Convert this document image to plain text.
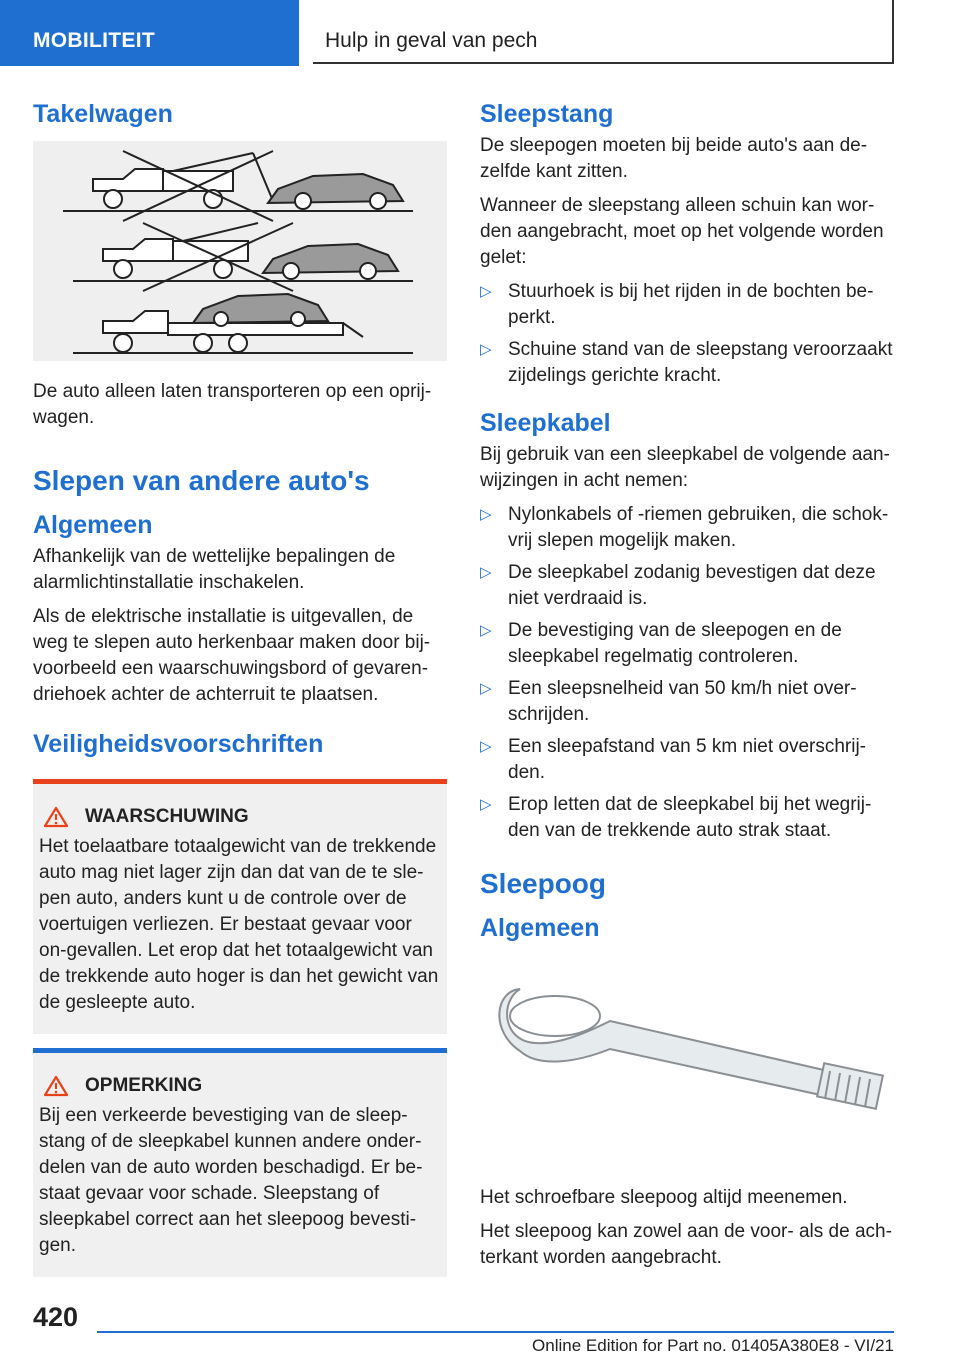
MOBILITEIT	Hulp in geval van pech
Takelwagen

De auto alleen laten transporteren op een oprij-wagen.

Slepen van andere auto's
Algemeen

Afhankelijk van de wettelijke bepalingen de alarmlichtinstallatie inschakelen.

Als de elektrische installatie is uitgevallen, de weg te slepen auto herkenbaar maken door bij-voorbeeld een waarschuwingsbord of gevaren-driehoek achter de achterruit te plaatsen.

Veiligheidsvoorschriften
WAARSCHUWING

Het toelaatbare totaalgewicht van de trekkende auto mag niet lager zijn dan dat van de te sle-pen auto, anders kunt u de controle over de voertuigen verliezen. Er bestaat gevaar voor on-gevallen. Let erop dat het totaalgewicht van de trekkende auto hoger is dan het gewicht van de gesleepte auto.

OPMERKING

Bij een verkeerde bevestiging van de sleep-stang of de sleepkabel kunnen andere onder-delen van de auto worden beschadigd. Er be-staat gevaar voor schade. Sleepstang of sleepkabel correct aan het sleepoog bevesti-gen.

Sleepstang

De sleepogen moeten bij beide auto's aan de-zelfde kant zitten.

Wanneer de sleepstang alleen schuin kan wor-den aangebracht, moet op het volgende worden gelet:

▷ Stuurhoek is bij het rijden in de bochten be-perkt.
▷ Schuine stand van de sleepstang veroorzaakt zijdelings gerichte kracht.
Sleepkabel

Bij gebruik van een sleepkabel de volgende aan-wijzingen in acht nemen:

▷ Nylonkabels of -riemen gebruiken, die schok-vrij slepen mogelijk maken.
▷ De sleepkabel zodanig bevestigen dat deze niet verdraaid is.
▷ De bevestiging van de sleepogen en de sleepkabel regelmatig controleren.
▷ Een sleepsnelheid van 50 km/h niet over-schrijden.
▷ Een sleepafstand van 5 km niet overschrij-den.
▷ Erop letten dat de sleepkabel bij het wegrij-den van de trekkende auto strak staat.
Sleepoog
Algemeen

Het schroefbare sleepoog altijd meenemen.

Het sleepoog kan zowel aan de voor- als de ach-terkant worden aangebracht.

420
Online Edition for Part no. 01405A380E8 - VI/21
